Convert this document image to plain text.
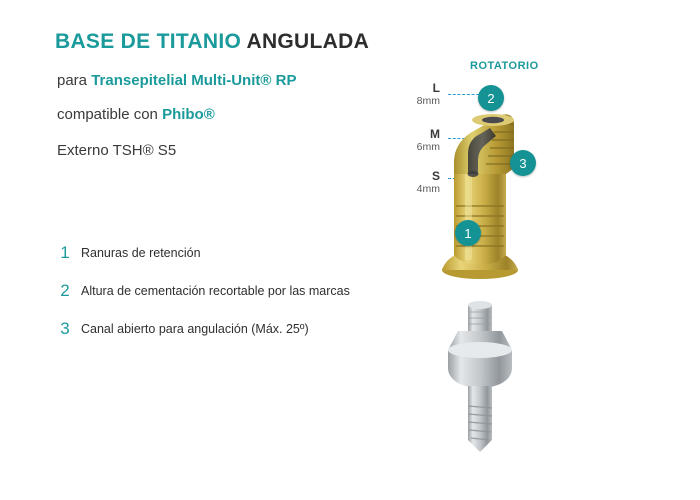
BASE DE TITANIO ANGULADA
para Transepitelial Multi-Unit® RP
compatible con Phibo®
Externo TSH® S5
1 Ranuras de retención
2 Altura de cementación recortable por las marcas
3 Canal abierto para angulación (Máx. 25º)
ROTATORIO
L
8mm
M
6mm
S
4mm
1
2
3
